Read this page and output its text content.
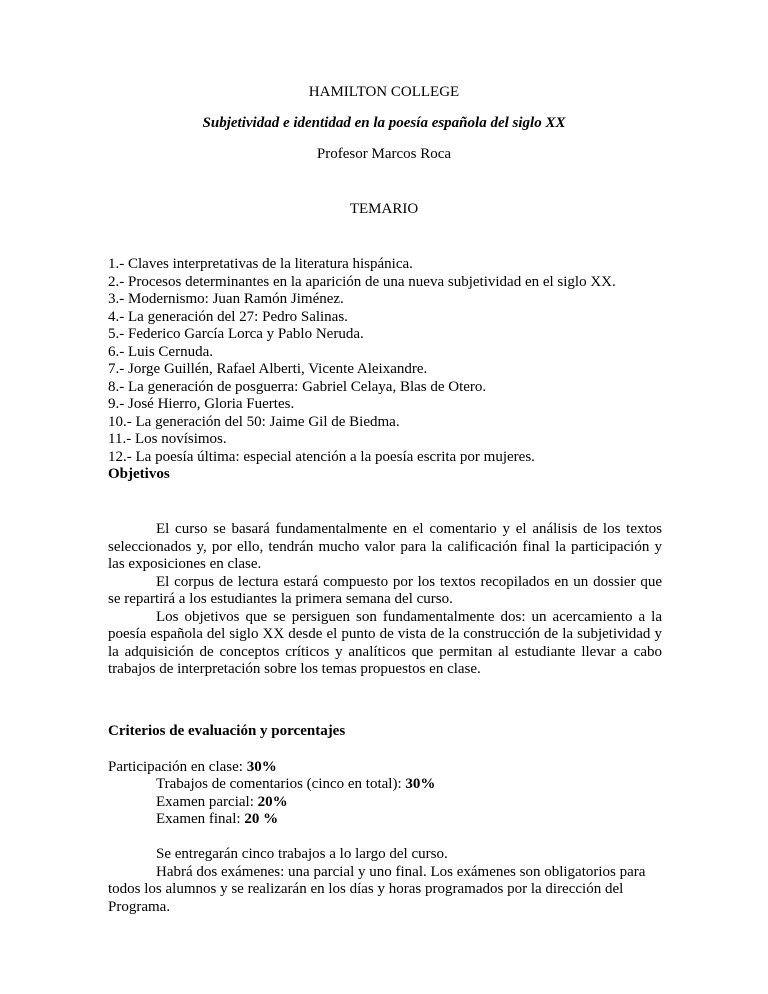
HAMILTON COLLEGE
Subjetividad e identidad en la poesía española del siglo XX
Profesor Marcos Roca
TEMARIO
1.- Claves interpretativas de la literatura hispánica.
2.- Procesos determinantes en la aparición de una nueva subjetividad en el siglo XX.
3.- Modernismo: Juan Ramón Jiménez.
4.- La generación del 27: Pedro Salinas.
5.- Federico García Lorca y Pablo Neruda.
6.- Luis Cernuda.
7.- Jorge Guillén, Rafael Alberti, Vicente Aleixandre.
8.- La generación de posguerra: Gabriel Celaya, Blas de Otero.
9.- José Hierro, Gloria Fuertes.
10.- La generación del 50: Jaime Gil de Biedma.
11.- Los novísimos.
12.- La poesía última: especial atención a la poesía escrita por mujeres.
Objetivos

El curso se basará fundamentalmente en el comentario y el análisis de los textos seleccionados y, por ello, tendrán mucho valor para la calificación final la participación y las exposiciones en clase.

El corpus de lectura estará compuesto por los textos recopilados en un dossier que se repartirá a los estudiantes la primera semana del curso.

Los objetivos que se persiguen son fundamentalmente dos: un acercamiento a la poesía española del siglo XX desde el punto de vista de la construcción de la subjetividad y la adquisición de conceptos críticos y analíticos que permitan al estudiante llevar a cabo trabajos de interpretación sobre los temas propuestos en clase.

Criterios de evaluación y porcentajes
Participación en clase: 30%
Trabajos de comentarios (cinco en total): 30%
Examen parcial: 20%
Examen final: 20 %

Se entregarán cinco trabajos a lo largo del curso.

Habrá dos exámenes: una parcial y uno final. Los exámenes son obligatorios para todos los alumnos y se realizarán en los días y horas programados por la dirección del Programa.
